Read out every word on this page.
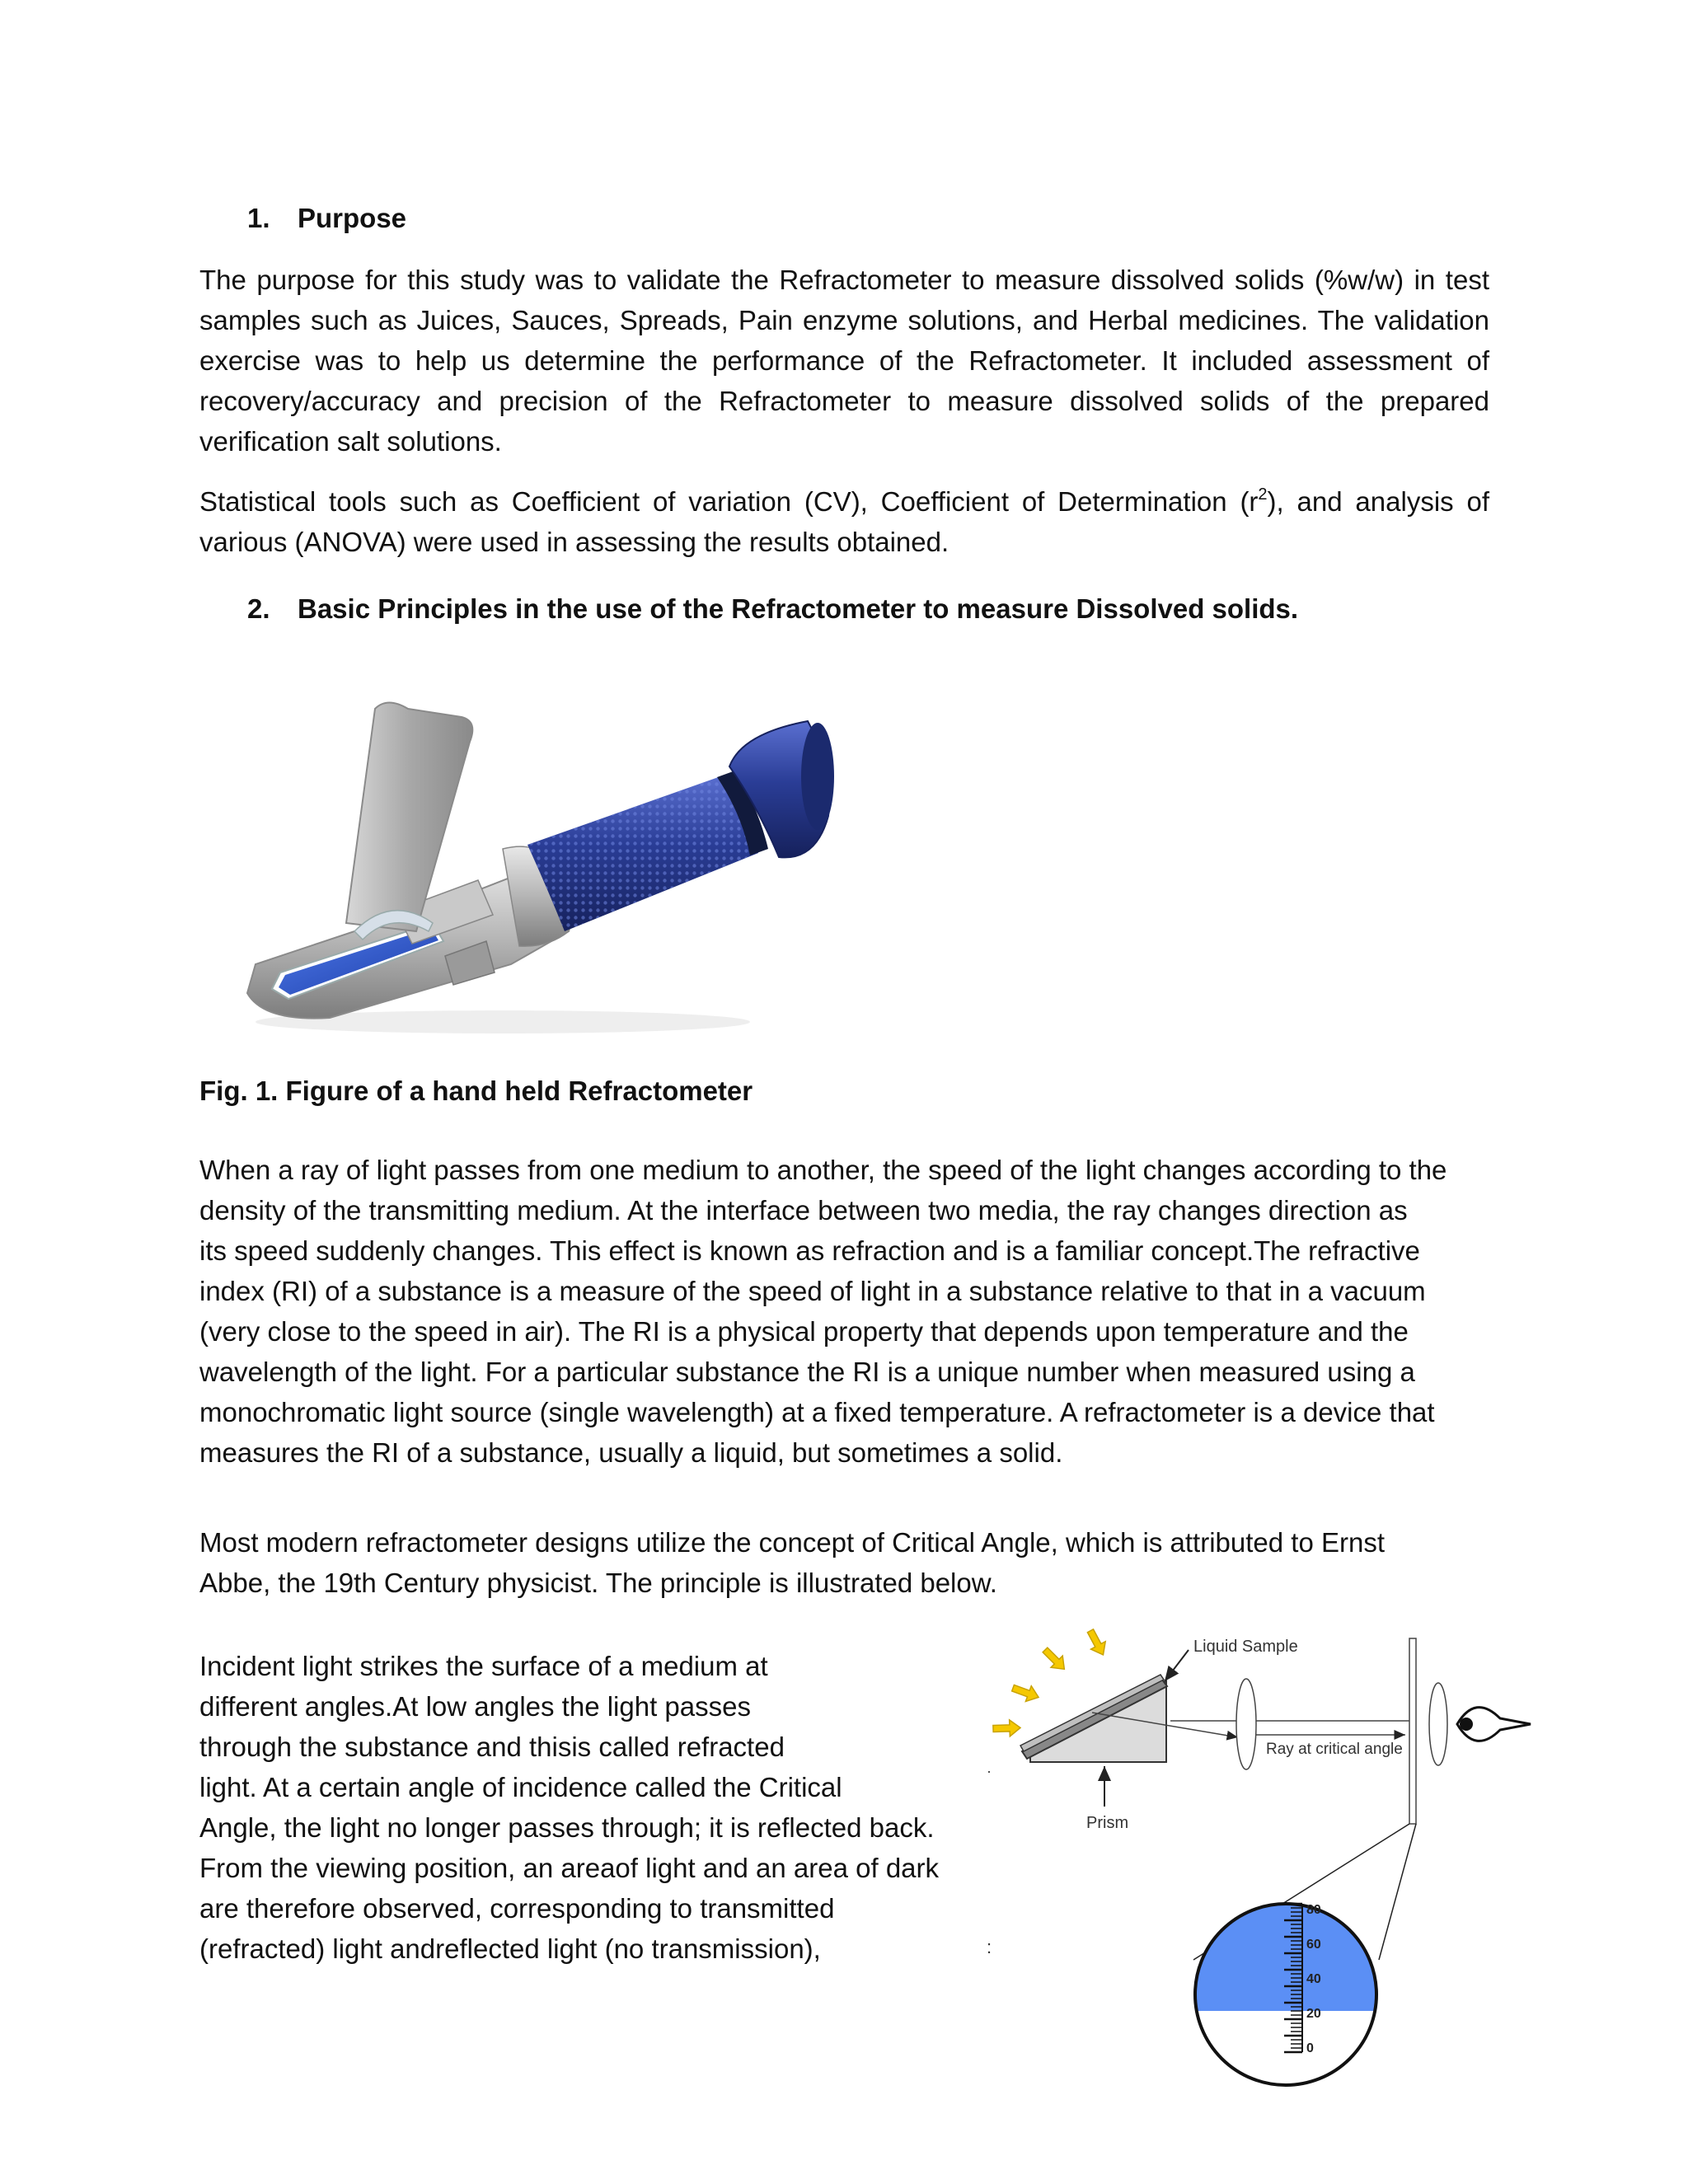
1. Purpose

The purpose for this study was to validate the Refractometer to measure dissolved solids (%w/w) in test samples such as Juices, Sauces, Spreads, Pain enzyme solutions, and Herbal medicines. The validation exercise was to help us determine the performance of the Refractometer. It included assessment of recovery/accuracy and precision of the Refractometer to measure dissolved solids of the prepared verification salt solutions.

Statistical tools such as Coefficient of variation (CV), Coefficient of Determination $(r^2)$, and analysis of various (ANOVA) were used in assessing the results obtained.

2. Basic Principles in the use of the Refractometer to measure Dissolved solids.

Fig. 1. Figure of a hand held Refractometer

When a ray of light passes from one medium to another, the speed of the light changes according to the
density of the transmitting medium. At the interface between two media, the ray changes direction as
its speed suddenly changes. This effect is known as refraction and is a familiar concept.The refractive
index (RI) of a substance is a measure of the speed of light in a substance relative to that in a vacuum
(very close to the speed in air). The RI is a physical property that depends upon temperature and the
wavelength of the light. For a particular substance the RI is a unique number when measured using a
monochromatic light source (single wavelength) at a fixed temperature. A refractometer is a device that
measures the RI of a substance, usually a liquid, but sometimes a solid.
Most modern refractometer designs utilize the concept of Critical Angle, which is attributed to Ernst
Abbe, the 19th Century physicist. The principle is illustrated below.
Incident light strikes the surface of a medium at
different angles.At low angles the light passes
through the substance and thisis called refracted
light. At a certain angle of incidence called the Critical
Angle, the light no longer passes through; it is reflected back.
From the viewing position, an areaof light and an area of dark
are therefore observed, corresponding to transmitted
(refracted) light andreflected light (no transmission),
Liquid Sample
Prism
Ray at critical angle
·
:
80
60
40
20
0
